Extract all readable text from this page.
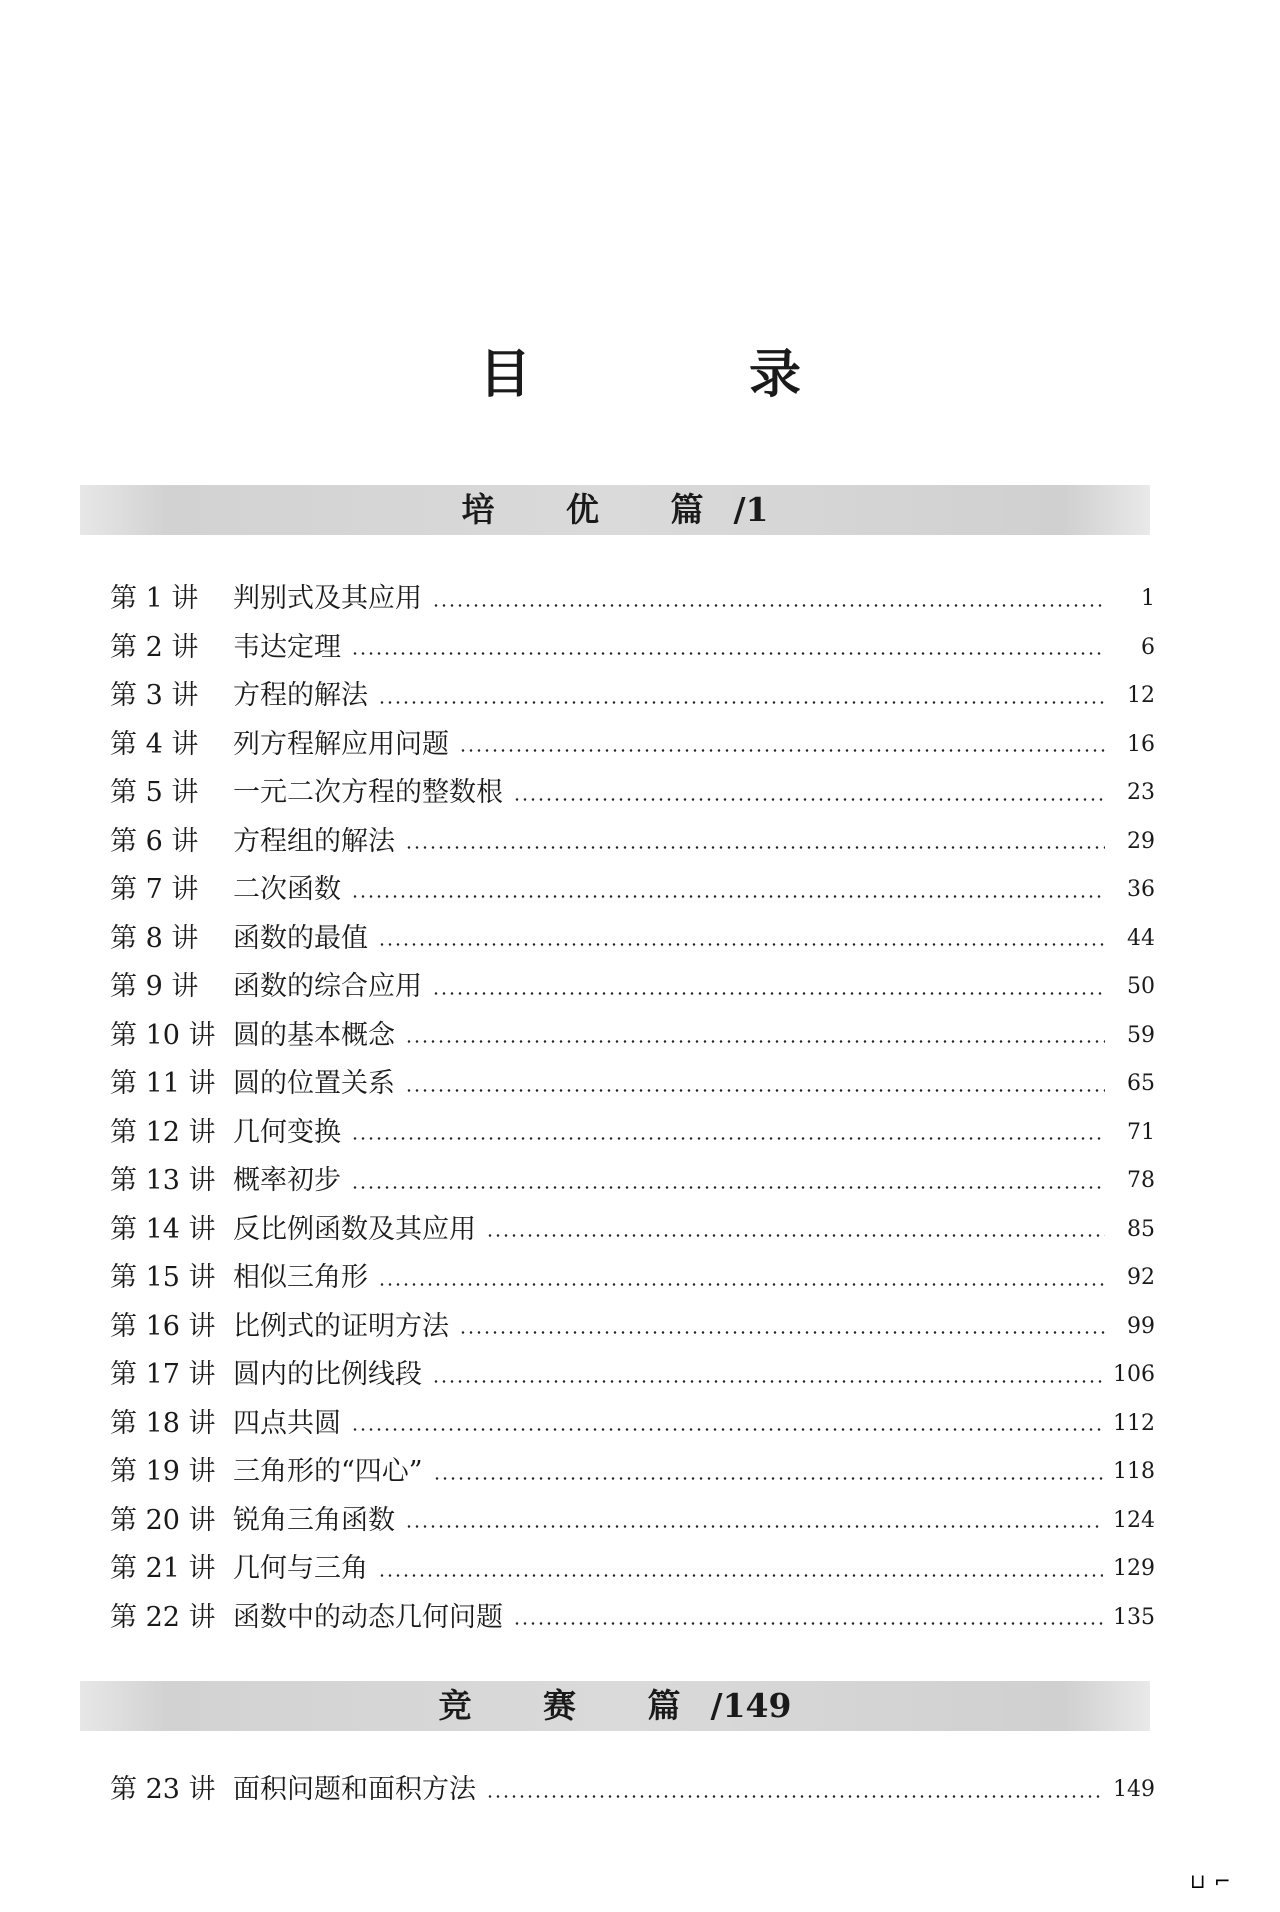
目 录
培 优 篇/1
第 1 讲	判别式及其应用	1
第 2 讲	韦达定理	6
第 3 讲	方程的解法	12
第 4 讲	列方程解应用问题	16
第 5 讲	一元二次方程的整数根	23
第 6 讲	方程组的解法	29
第 7 讲	二次函数	36
第 8 讲	函数的最值	44
第 9 讲	函数的综合应用	50
第 10 讲 圆的基本概念	59
第 11 讲 圆的位置关系	65
第 12 讲 几何变换	71
第 13 讲 概率初步	78
第 14 讲 反比例函数及其应用	85
第 15 讲 相似三角形	92
第 16 讲 比例式的证明方法	99
第 17 讲 圆内的比例线段	106
第 18 讲 四点共圆	112
第 19 讲 三角形的“四心”	118
第 20 讲 锐角三角函数	124
第 21 讲 几何与三角	129
第 22 讲 函数中的动态几何问题	135
竞 赛 篇/149
第 23 讲 面积问题和面积方法	149
⊔ ⌐
